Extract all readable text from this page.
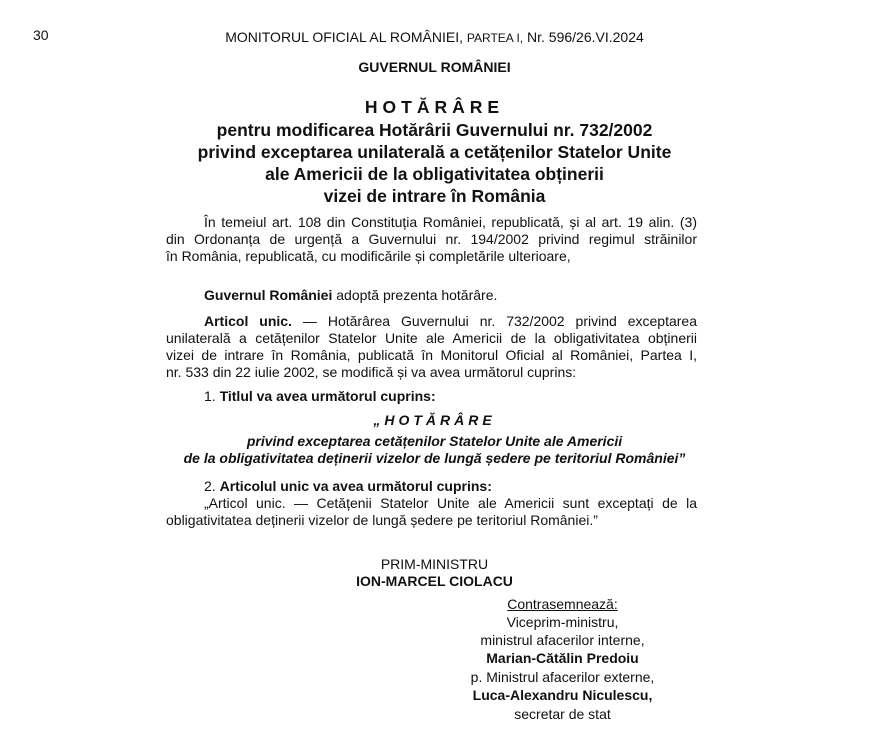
30	MONITORUL OFICIAL AL ROMÂNIEI, PARTEA I, Nr. 596/26.VI.2024
GUVERNUL ROMÂNIEI
HOTĂRÂRE
pentru modificarea Hotărârii Guvernului nr. 732/2002
privind exceptarea unilaterală a cetățenilor Statelor Unite
ale Americii de la obligativitatea obținerii
vizei de intrare în România
În temeiul art. 108 din Constituția României, republicată, și al art. 19 alin. (3)
din Ordonanța de urgență a Guvernului nr. 194/2002 privind regimul străinilor
în România, republicată, cu modificările și completările ulterioare,
Guvernul României adoptă prezenta hotărâre.
Articol unic. — Hotărârea Guvernului nr. 732/2002 privind exceptarea
unilaterală a cetățenilor Statelor Unite ale Americii de la obligativitatea obținerii
vizei de intrare în România, publicată în Monitorul Oficial al României, Partea I,
nr. 533 din 22 iulie 2002, se modifică și va avea următorul cuprins:
1. Titlul va avea următorul cuprins:
„HOTĂRÂRE
privind exceptarea cetățenilor Statelor Unite ale Americii
de la obligativitatea deținerii vizelor de lungă ședere pe teritoriul României”
2. Articolul unic va avea următorul cuprins:
„Articol unic. — Cetățenii Statelor Unite ale Americii sunt exceptați de la
obligativitatea deținerii vizelor de lungă ședere pe teritoriul României.”
PRIM-MINISTRU
ION-MARCEL CIOLACU
Contrasemnează:
Viceprim-ministru,
ministrul afacerilor interne,
Marian-Cătălin Predoiu
p. Ministrul afacerilor externe,
Luca-Alexandru Niculescu,
secretar de stat
